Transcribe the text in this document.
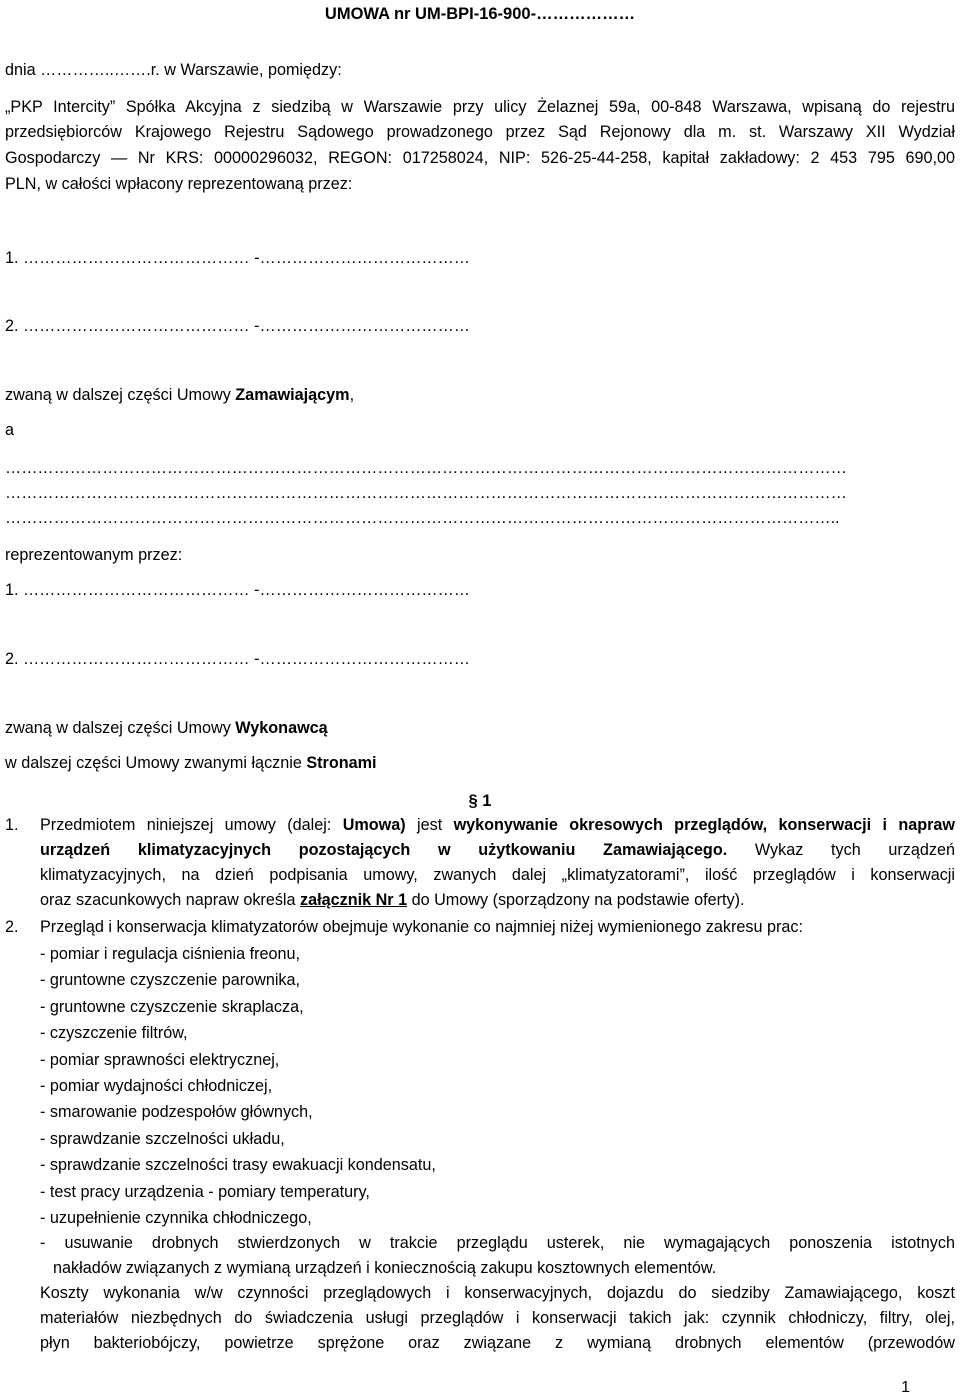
UMOWA nr UM-BPI-16-900-………………
dnia …………..…….r. w Warszawie, pomiędzy:
„PKP Intercity” Spółka Akcyjna z siedzibą w Warszawie przy ulicy Żelaznej 59a, 00-848 Warszawa, wpisaną do rejestru
przedsiębiorców Krajowego Rejestru Sądowego prowadzonego przez Sąd Rejonowy dla m. st. Warszawy XII Wydział
Gospodarczy — Nr KRS: 00000296032, REGON: 017258024, NIP: 526-25-44-258, kapitał zakładowy: 2 453 795 690,00
PLN, w całości wpłacony reprezentowaną przez:
1. …………………………………… -…………………………………
2. …………………………………… -…………………………………
zwaną w dalszej części Umowy Zamawiającym,
a
…………………………………………………………………………………………………………………………………………
…………………………………………………………………………………………………………………………………………
………………………………………………………………………………………………………………………………………..
reprezentowanym przez:
1. …………………………………… -…………………………………
2. …………………………………… -…………………………………
zwaną w dalszej części Umowy Wykonawcą
w dalszej części Umowy zwanymi łącznie Stronami
§ 1
1. Przedmiotem niniejszej umowy (dalej: Umowa) jest wykonywanie okresowych przeglądów, konserwacji i napraw
urządzeń klimatyzacyjnych pozostających w użytkowaniu Zamawiającego. Wykaz tych urządzeń
klimatyzacyjnych, na dzień podpisania umowy, zwanych dalej „klimatyzatorami”, ilość przeglądów i konserwacji
oraz szacunkowych napraw określa załącznik Nr 1 do Umowy (sporządzony na podstawie oferty).
2. Przegląd i konserwacja klimatyzatorów obejmuje wykonanie co najmniej niżej wymienionego zakresu prac:
- pomiar i regulacja ciśnienia freonu,
- gruntowne czyszczenie parownika,
- gruntowne czyszczenie skraplacza,
- czyszczenie filtrów,
- pomiar sprawności elektrycznej,
- pomiar wydajności chłodniczej,
- smarowanie podzespołów głównych,
- sprawdzanie szczelności układu,
- sprawdzanie szczelności trasy ewakuacji kondensatu,
- test pracy urządzenia - pomiary temperatury,
- uzupełnienie czynnika chłodniczego,
- usuwanie drobnych stwierdzonych w trakcie przeglądu usterek, nie wymagających ponoszenia istotnych
nakładów związanych z wymianą urządzeń i koniecznością zakupu kosztownych elementów.
Koszty wykonania w/w czynności przeglądowych i konserwacyjnych, dojazdu do siedziby Zamawiającego, koszt
materiałów niezbędnych do świadczenia usługi przeglądów i konserwacji takich jak: czynnik chłodniczy, filtry, olej,
płyn bakteriobójczy, powietrze sprężone oraz związane z wymianą drobnych elementów (przewodów
1
